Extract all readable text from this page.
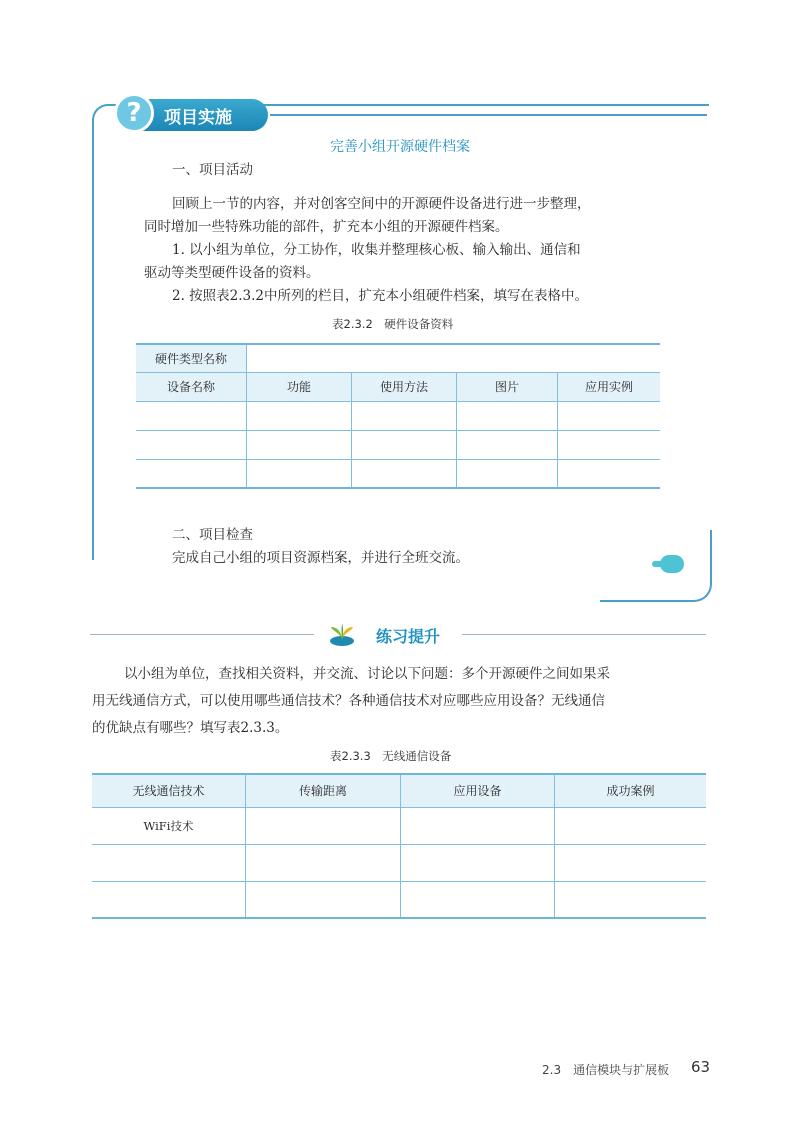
?	项目实施
完善小组开源硬件档案
一、项目活动
回顾上一节的内容，并对创客空间中的开源硬件设备进行进一步整理，
同时增加一些特殊功能的部件，扩充本小组的开源硬件档案。
1. 以小组为单位，分工协作，收集并整理核心板、输入输出、通信和
驱动等类型硬件设备的资料。
2. 按照表2.3.2中所列的栏目，扩充本小组硬件档案，填写在表格中。
表2.3.2　硬件设备资料
硬件类型名称				
设备名称	功能	使用方法	图片	应用实例

二、项目检查
完成自己小组的项目资源档案，并进行全班交流。
练习提升
以小组为单位，查找相关资料，并交流、讨论以下问题：多个开源硬件之间如果采
用无线通信方式，可以使用哪些通信技术？各种通信技术对应哪些应用设备？无线通信
的优缺点有哪些？填写表2.3.3。
表2.3.3　无线通信设备
无线通信技术	传输距离	应用设备	成功案例
WiFi技术			

2.3　通信模块与扩展板 63
